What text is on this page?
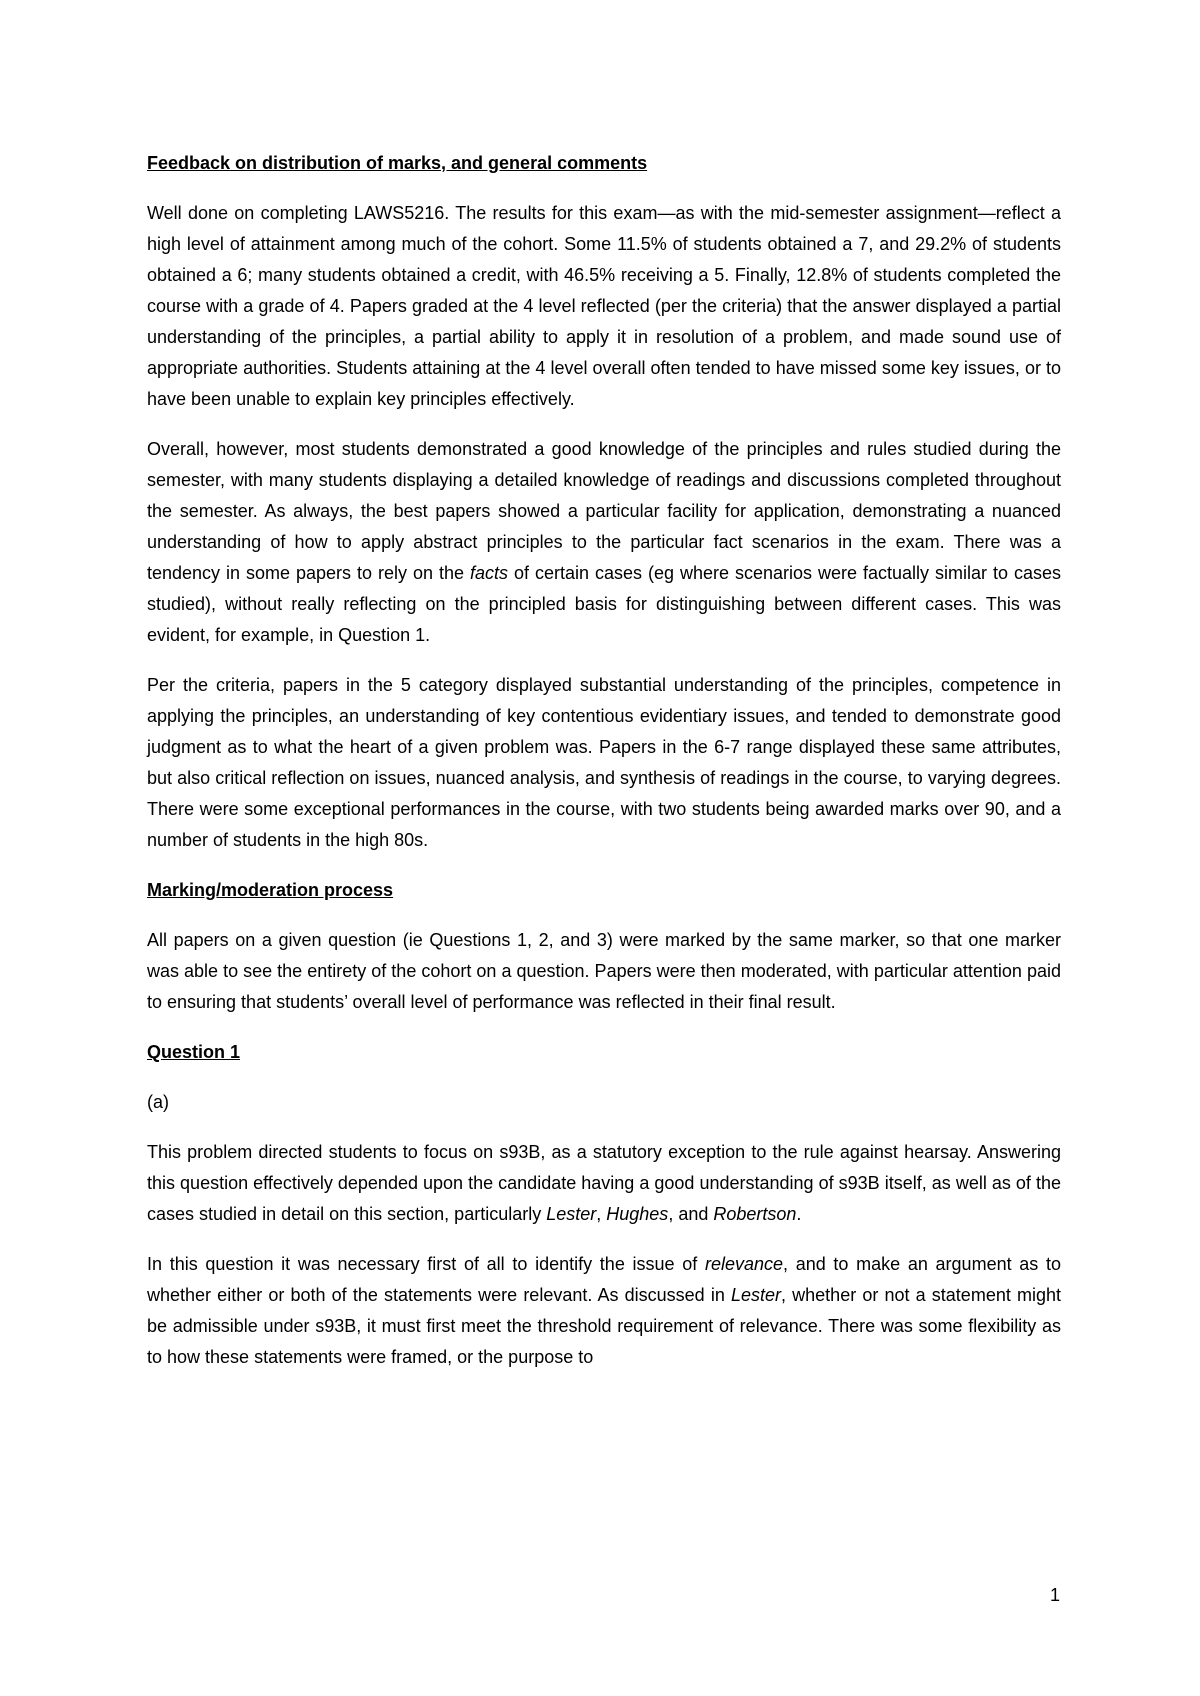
Feedback on distribution of marks, and general comments

Well done on completing LAWS5216. The results for this exam—as with the mid-semester assignment—reflect a high level of attainment among much of the cohort. Some 11.5% of students obtained a 7, and 29.2% of students obtained a 6; many students obtained a credit, with 46.5% receiving a 5. Finally, 12.8% of students completed the course with a grade of 4. Papers graded at the 4 level reflected (per the criteria) that the answer displayed a partial understanding of the principles, a partial ability to apply it in resolution of a problem, and made sound use of appropriate authorities. Students attaining at the 4 level overall often tended to have missed some key issues, or to have been unable to explain key principles effectively.

Overall, however, most students demonstrated a good knowledge of the principles and rules studied during the semester, with many students displaying a detailed knowledge of readings and discussions completed throughout the semester. As always, the best papers showed a particular facility for application, demonstrating a nuanced understanding of how to apply abstract principles to the particular fact scenarios in the exam. There was a tendency in some papers to rely on the facts of certain cases (eg where scenarios were factually similar to cases studied), without really reflecting on the principled basis for distinguishing between different cases. This was evident, for example, in Question 1.

Per the criteria, papers in the 5 category displayed substantial understanding of the principles, competence in applying the principles, an understanding of key contentious evidentiary issues, and tended to demonstrate good judgment as to what the heart of a given problem was. Papers in the 6-7 range displayed these same attributes, but also critical reflection on issues, nuanced analysis, and synthesis of readings in the course, to varying degrees. There were some exceptional performances in the course, with two students being awarded marks over 90, and a number of students in the high 80s.

Marking/moderation process

All papers on a given question (ie Questions 1, 2, and 3) were marked by the same marker, so that one marker was able to see the entirety of the cohort on a question. Papers were then moderated, with particular attention paid to ensuring that students’ overall level of performance was reflected in their final result.

Question 1

(a)

This problem directed students to focus on s93B, as a statutory exception to the rule against hearsay. Answering this question effectively depended upon the candidate having a good understanding of s93B itself, as well as of the cases studied in detail on this section, particularly Lester, Hughes, and Robertson.

In this question it was necessary first of all to identify the issue of relevance, and to make an argument as to whether either or both of the statements were relevant. As discussed in Lester, whether or not a statement might be admissible under s93B, it must first meet the threshold requirement of relevance. There was some flexibility as to how these statements were framed, or the purpose to

1
